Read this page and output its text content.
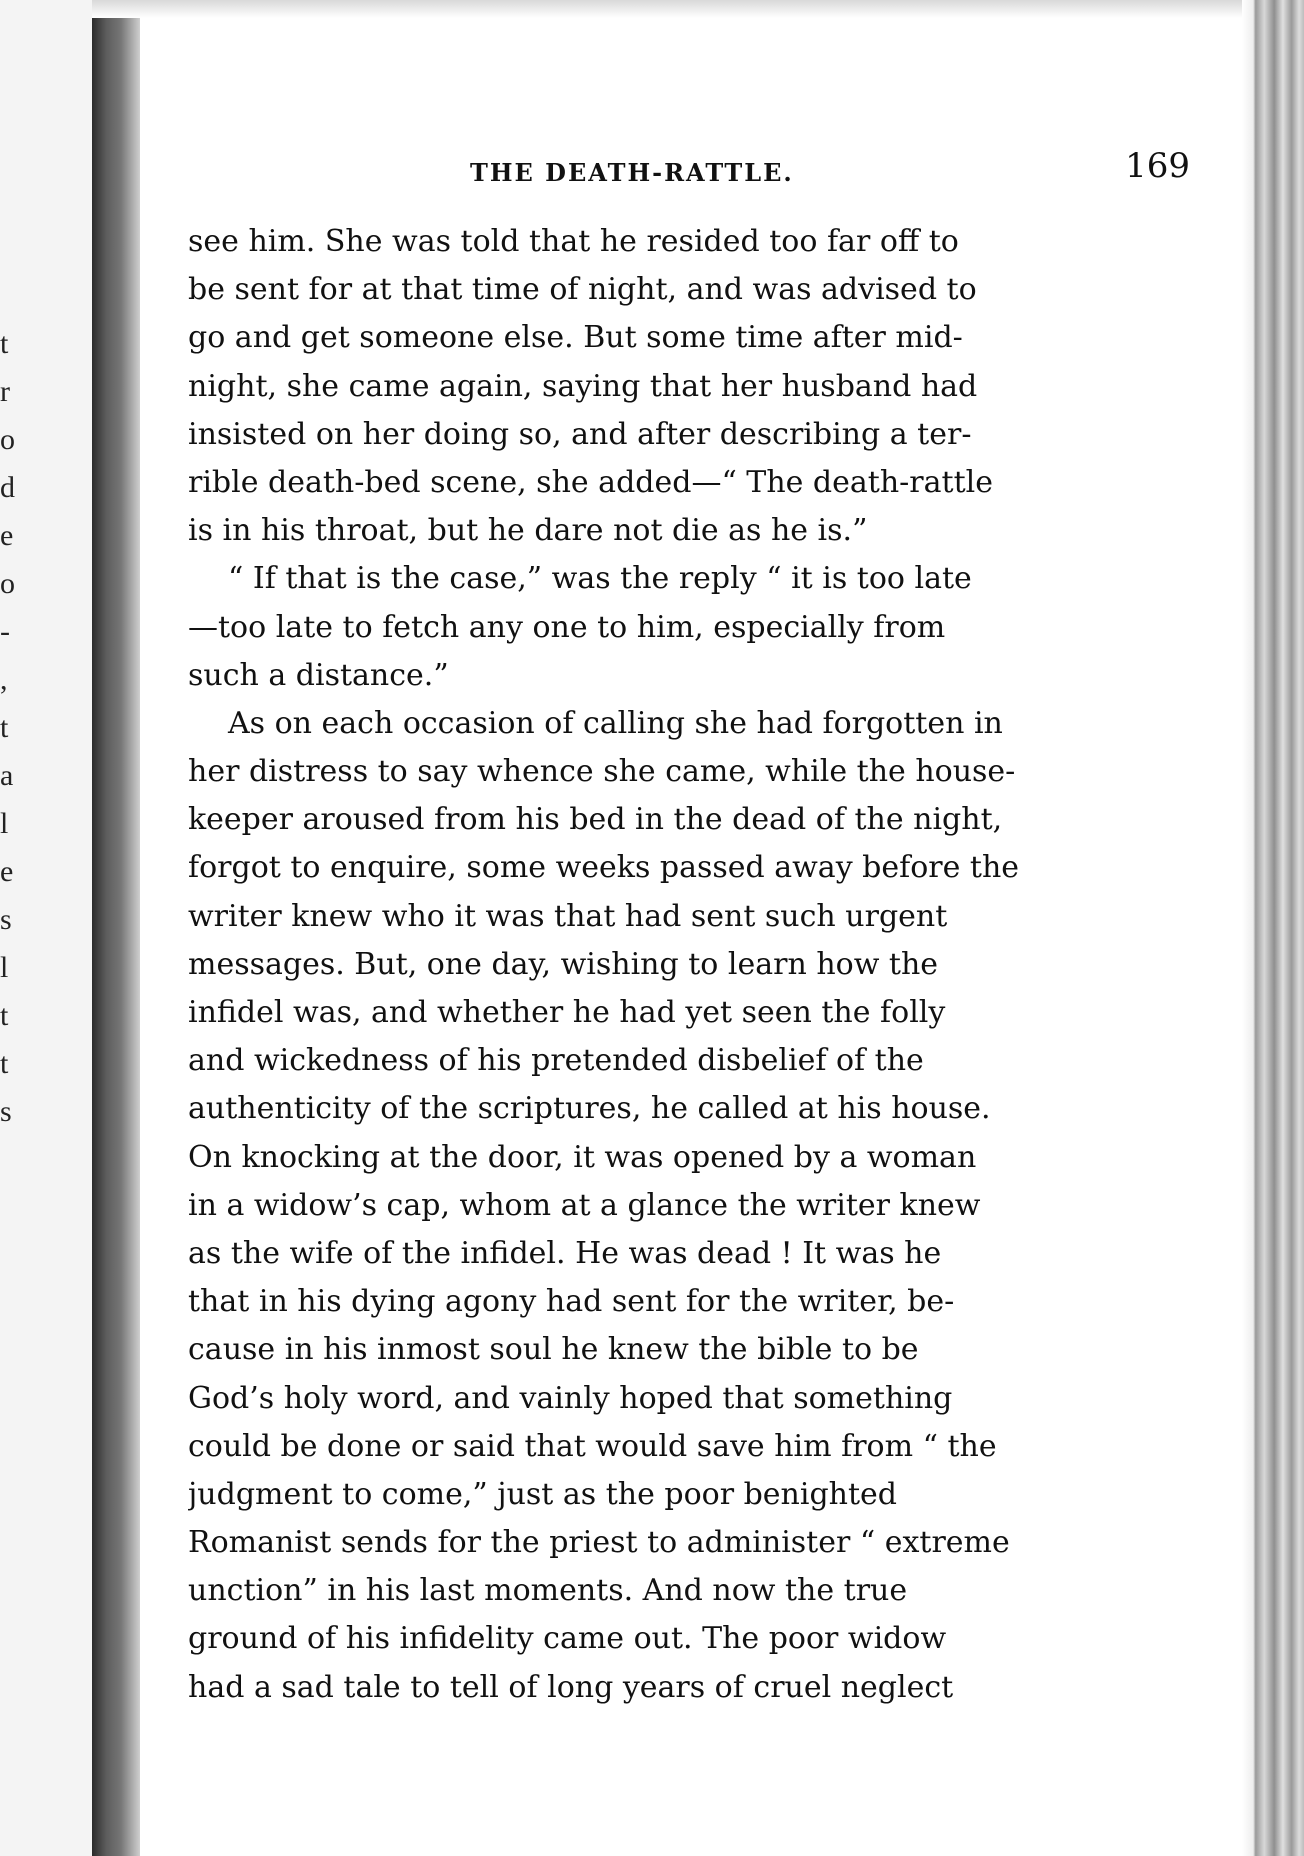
t
r
o
d
e
o
-
,
t
a
l
e
s
l
t
t
s
THE DEATH-RATTLE.	169
see him. She was told that he resided too far off to
be sent for at that time of night, and was advised to
go and get someone else. But some time after mid-
night, she came again, saying that her husband had
insisted on her doing so, and after describing a ter-
rible death-bed scene, she added—“ The death-rattle
is in his throat, but he dare not die as he is.”
“ If that is the case,” was the reply “ it is too late
—too late to fetch any one to him, especially from
such a distance.”
As on each occasion of calling she had forgotten in
her distress to say whence she came, while the house-
keeper aroused from his bed in the dead of the night,
forgot to enquire, some weeks passed away before the
writer knew who it was that had sent such urgent
messages. But, one day, wishing to learn how the
infidel was, and whether he had yet seen the folly
and wickedness of his pretended disbelief of the
authenticity of the scriptures, he called at his house.
On knocking at the door, it was opened by a woman
in a widow’s cap, whom at a glance the writer knew
as the wife of the infidel. He was dead ! It was he
that in his dying agony had sent for the writer, be-
cause in his inmost soul he knew the bible to be
God’s holy word, and vainly hoped that something
could be done or said that would save him from “ the
judgment to come,” just as the poor benighted
Romanist sends for the priest to administer “ extreme
unction” in his last moments. And now the true
ground of his infidelity came out. The poor widow
had a sad tale to tell of long years of cruel neglect
